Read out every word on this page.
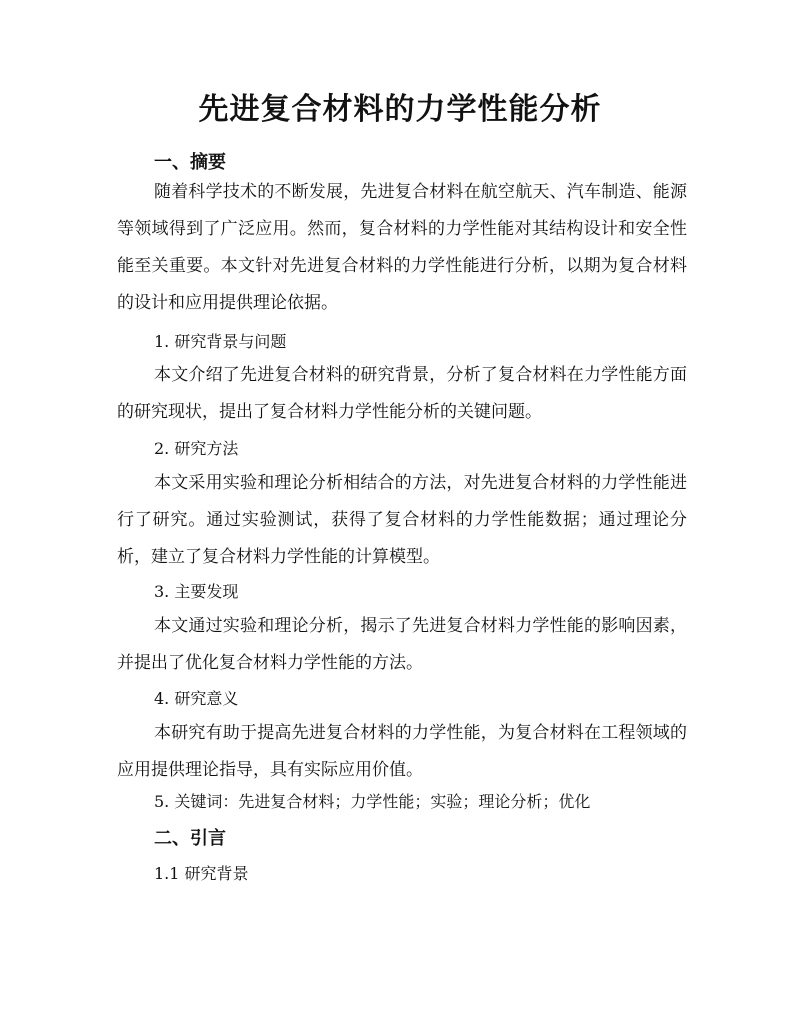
先进复合材料的力学性能分析
一、摘要
随着科学技术的不断发展，先进复合材料在航空航天、汽车制造、能源等领域得到了广泛应用。然而，复合材料的力学性能对其结构设计和安全性能至关重要。本文针对先进复合材料的力学性能进行分析，以期为复合材料的设计和应用提供理论依据。
1. 研究背景与问题
本文介绍了先进复合材料的研究背景，分析了复合材料在力学性能方面的研究现状，提出了复合材料力学性能分析的关键问题。
2. 研究方法
本文采用实验和理论分析相结合的方法，对先进复合材料的力学性能进行了研究。通过实验测试，获得了复合材料的力学性能数据；通过理论分析，建立了复合材料力学性能的计算模型。
3. 主要发现
本文通过实验和理论分析，揭示了先进复合材料力学性能的影响因素，并提出了优化复合材料力学性能的方法。
4. 研究意义
本研究有助于提高先进复合材料的力学性能，为复合材料在工程领域的应用提供理论指导，具有实际应用价值。
5. 关键词：先进复合材料；力学性能；实验；理论分析；优化
二、引言
1.1 研究背景
